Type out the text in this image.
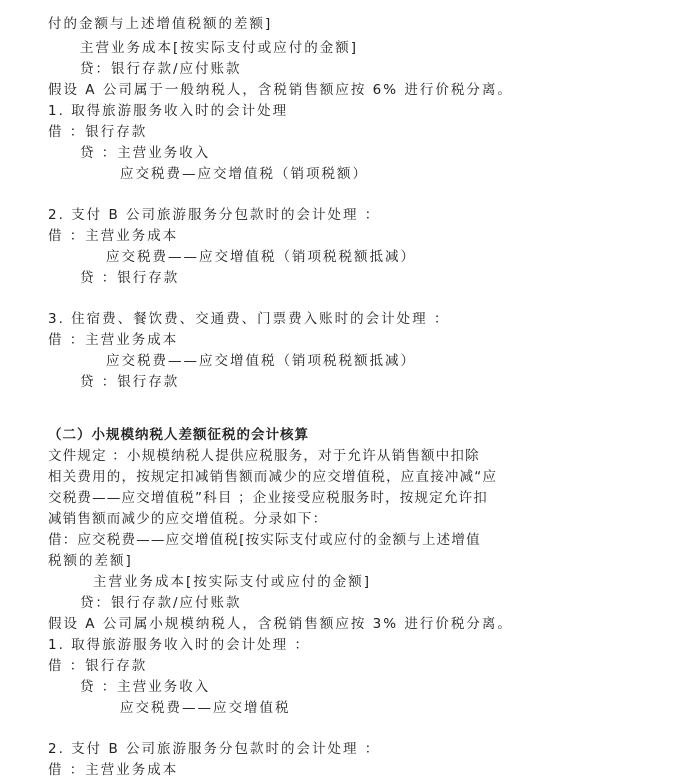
付的金额与上述增值税额的差额]
主营业务成本[按实际支付或应付的金额]
贷：银行存款/应付账款
假设 A 公司属于一般纳税人，含税销售额应按 6% 进行价税分离。
1. 取得旅游服务收入时的会计处理
借 ：银行存款
贷 ：主营业务收入
应交税费—应交增值税（销项税额）
2. 支付 B 公司旅游服务分包款时的会计处理 ：
借 ：主营业务成本
应交税费——应交增值税（销项税税额抵减）
贷 ：银行存款
3. 住宿费、餐饮费、交通费、门票费入账时的会计处理 ：
借 ：主营业务成本
应交税费——应交增值税（销项税税额抵减）
贷 ：银行存款
（二）小规模纳税人差额征税的会计核算
文件规定 ：小规模纳税人提供应税服务，对于允许从销售额中扣除
相关费用的，按规定扣减销售额而减少的应交增值税，应直接冲减“应
交税费——应交增值税”科目 ；企业接受应税服务时，按规定允许扣
减销售额而减少的应交增值税。分录如下：
借：应交税费——应交增值税[按实际支付或应付的金额与上述增值
税额的差额]
主营业务成本[按实际支付或应付的金额]
贷：银行存款/应付账款
假设 A 公司属小规模纳税人，含税销售额应按 3% 进行价税分离。
1. 取得旅游服务收入时的会计处理 ：
借 ：银行存款
贷 ：主营业务收入
应交税费——应交增值税
2. 支付 B 公司旅游服务分包款时的会计处理 ：
借 ：主营业务成本
